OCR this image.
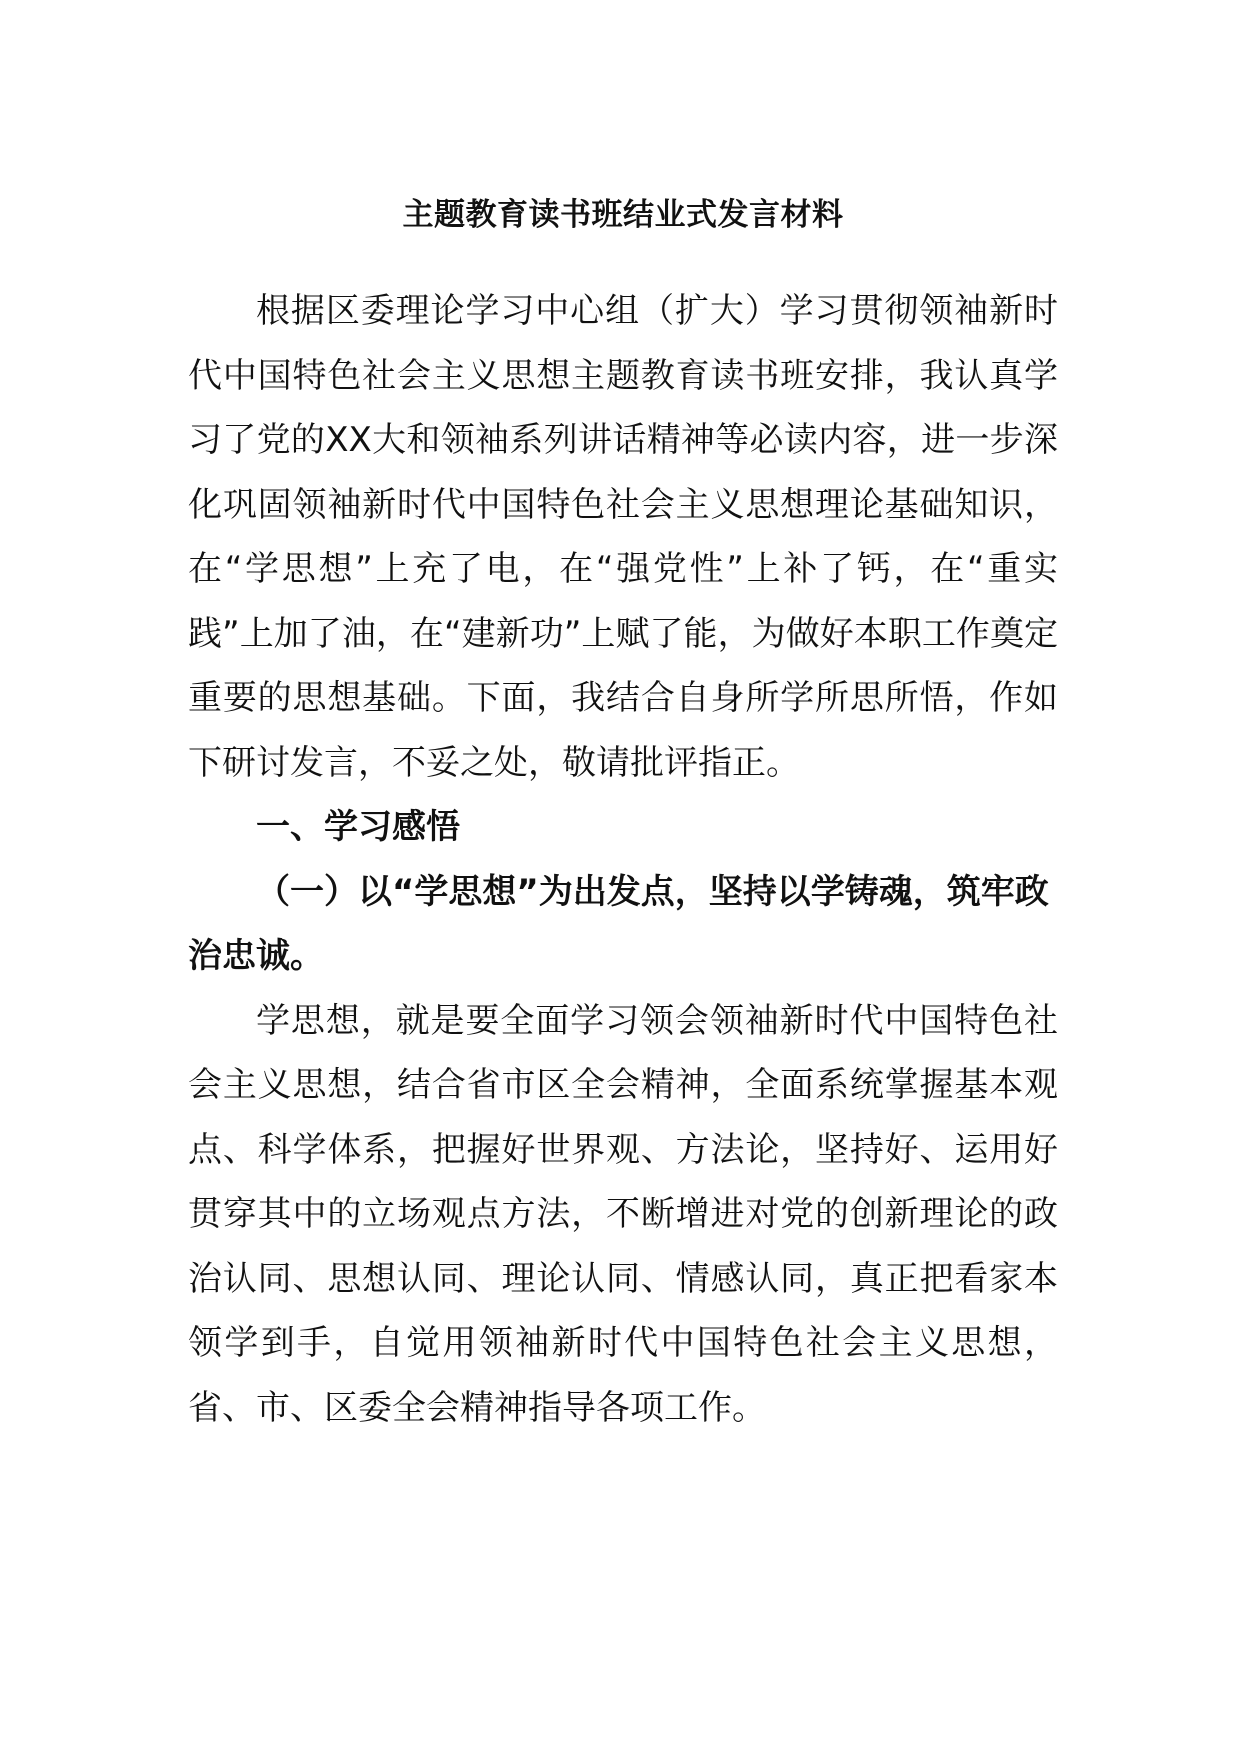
主题教育读书班结业式发言材料

根据区委理论学习中心组（扩大）学习贯彻领袖新时代中国特色社会主义思想主题教育读书班安排，我认真学习了党的XX大和领袖系列讲话精神等必读内容，进一步深化巩固领袖新时代中国特色社会主义思想理论基础知识，在“学思想”上充了电，在“强党性”上补了钙，在“重实践”上加了油，在“建新功”上赋了能，为做好本职工作奠定重要的思想基础。下面，我结合自身所学所思所悟，作如下研讨发言，不妥之处，敬请批评指正。

一、学习感悟

（一）以“学思想”为出发点，坚持以学铸魂，筑牢政治忠诚。

学思想，就是要全面学习领会领袖新时代中国特色社会主义思想，结合省市区全会精神，全面系统掌握基本观点、科学体系，把握好世界观、方法论，坚持好、运用好贯穿其中的立场观点方法，不断增进对党的创新理论的政治认同、思想认同、理论认同、情感认同，真正把看家本领学到手，自觉用领袖新时代中国特色社会主义思想，省、市、区委全会精神指导各项工作。
